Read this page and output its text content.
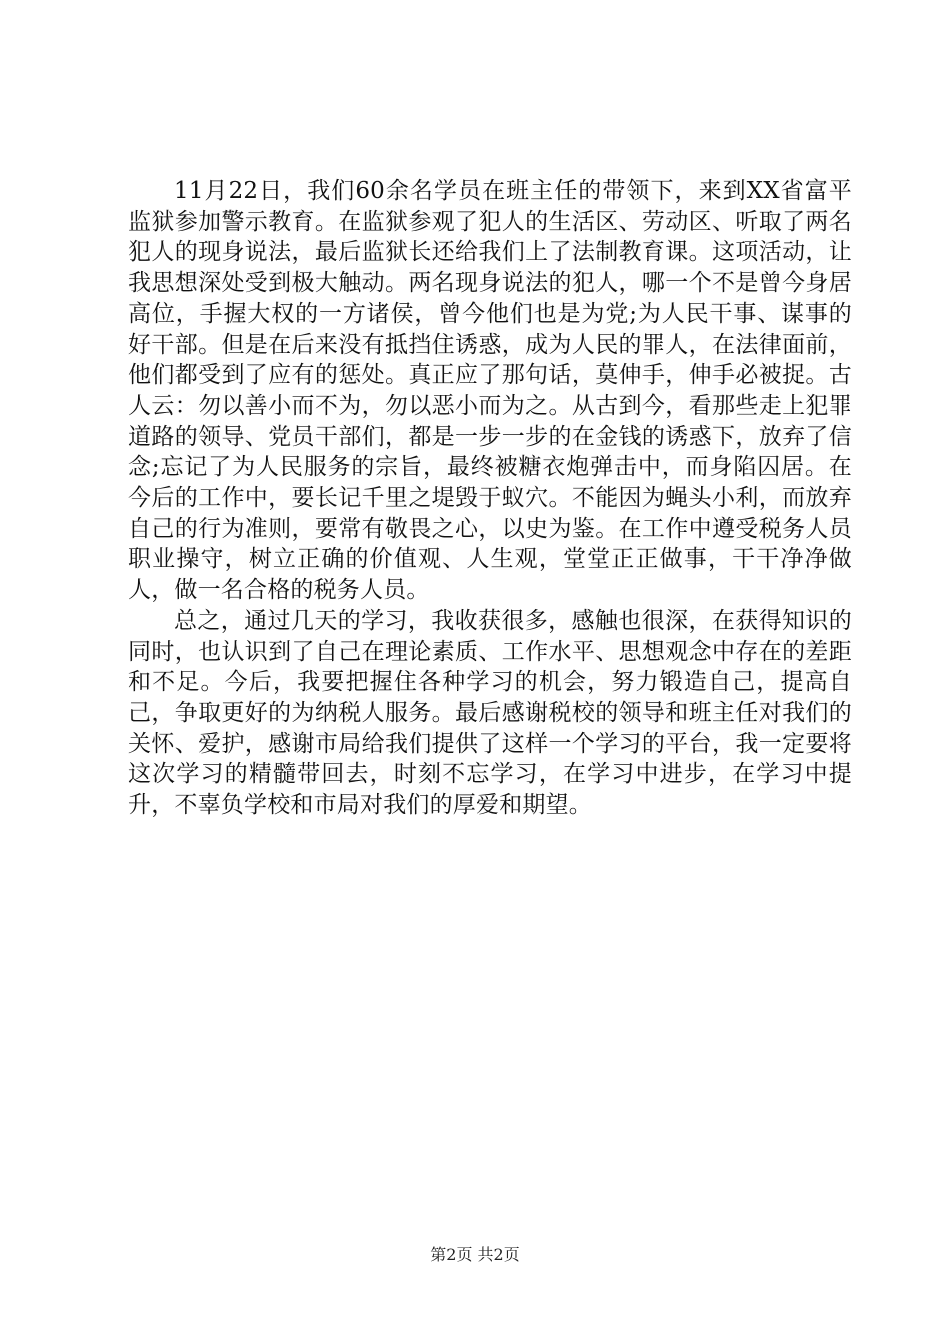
11月22日，我们60余名学员在班主任的带领下，来到XX省富平监狱参加警示教育。在监狱参观了犯人的生活区、劳动区、听取了两名犯人的现身说法，最后监狱长还给我们上了法制教育课。这项活动，让我思想深处受到极大触动。两名现身说法的犯人，哪一个不是曾今身居高位，手握大权的一方诸侯，曾今他们也是为党;为人民干事、谋事的好干部。但是在后来没有抵挡住诱惑，成为人民的罪人，在法律面前，他们都受到了应有的惩处。真正应了那句话，莫伸手，伸手必被捉。古人云：勿以善小而不为，勿以恶小而为之。从古到今，看那些走上犯罪道路的领导、党员干部们，都是一步一步的在金钱的诱惑下，放弃了信念;忘记了为人民服务的宗旨，最终被糖衣炮弹击中，而身陷囚居。在今后的工作中，要长记千里之堤毁于蚁穴。不能因为蝇头小利，而放弃自己的行为准则，要常有敬畏之心，以史为鉴。在工作中遵受税务人员职业操守，树立正确的价值观、人生观，堂堂正正做事，干干净净做人，做一名合格的税务人员。

总之，通过几天的学习，我收获很多，感触也很深，在获得知识的同时，也认识到了自己在理论素质、工作水平、思想观念中存在的差距和不足。今后，我要把握住各种学习的机会，努力锻造自己，提高自己，争取更好的为纳税人服务。最后感谢税校的领导和班主任对我们的关怀、爱护，感谢市局给我们提供了这样一个学习的平台，我一定要将这次学习的精髓带回去，时刻不忘学习，在学习中进步，在学习中提升，不辜负学校和市局对我们的厚爱和期望。

第2页 共2页
